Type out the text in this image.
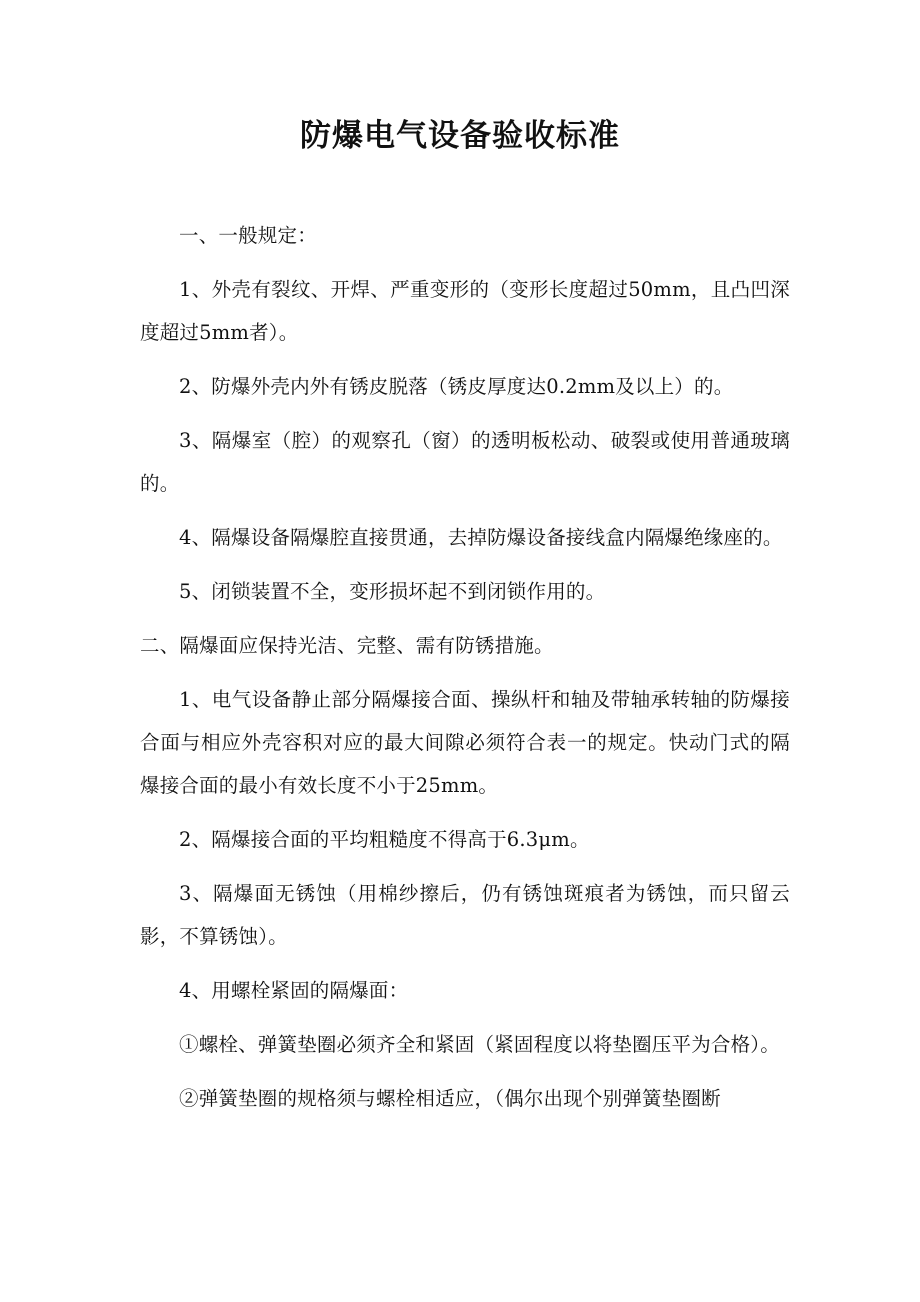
防爆电气设备验收标准

一、一般规定：

1、外壳有裂纹、开焊、严重变形的（变形长度超过50mm，且凸凹深度超过5mm者）。

2、防爆外壳内外有锈皮脱落（锈皮厚度达0.2mm及以上）的。

3、隔爆室（腔）的观察孔（窗）的透明板松动、破裂或使用普通玻璃的。

4、隔爆设备隔爆腔直接贯通，去掉防爆设备接线盒内隔爆绝缘座的。

5、闭锁装置不全，变形损坏起不到闭锁作用的。

二、隔爆面应保持光洁、完整、需有防锈措施。

1、电气设备静止部分隔爆接合面、操纵杆和轴及带轴承转轴的防爆接合面与相应外壳容积对应的最大间隙必须符合表一的规定。快动门式的隔爆接合面的最小有效长度不小于25mm。

2、隔爆接合面的平均粗糙度不得高于6.3μm。

3、隔爆面无锈蚀（用棉纱擦后，仍有锈蚀斑痕者为锈蚀，而只留云影，不算锈蚀）。

4、用螺栓紧固的隔爆面：

①螺栓、弹簧垫圈必须齐全和紧固（紧固程度以将垫圈压平为合格）。

②弹簧垫圈的规格须与螺栓相适应，（偶尔出现个别弹簧垫圈断
